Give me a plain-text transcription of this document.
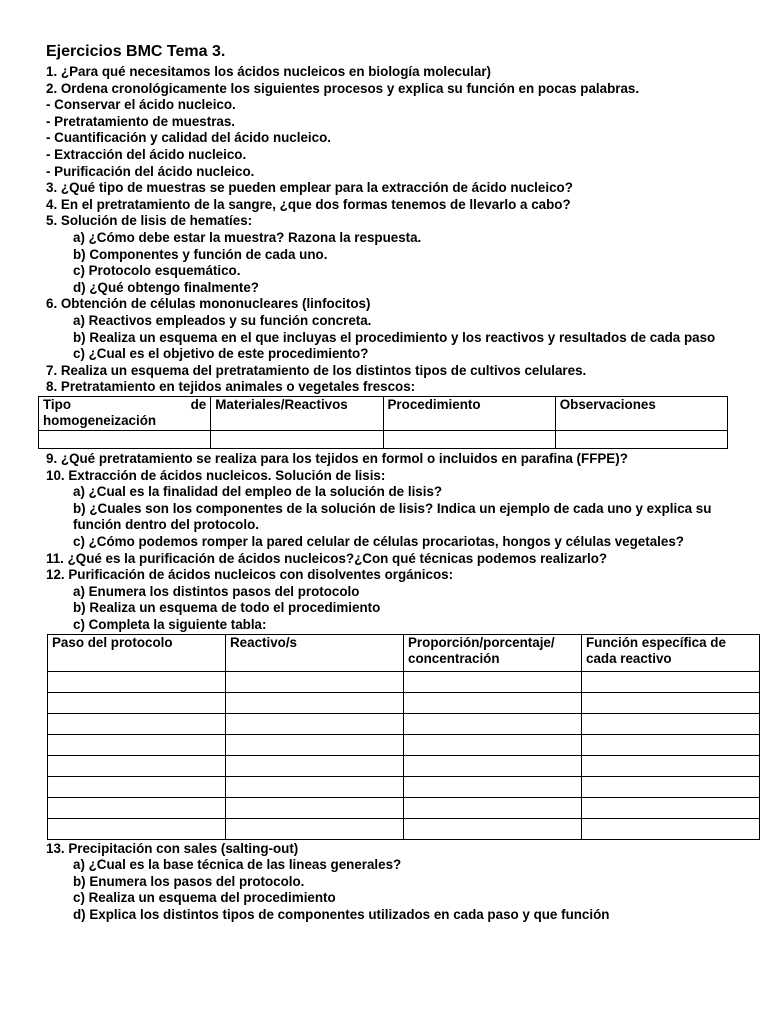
Ejercicios BMC Tema 3.
1. ¿Para qué necesitamos los ácidos nucleicos en biología molecular)
2. Ordena cronológicamente los siguientes procesos y explica su función en pocas palabras.
- Conservar el ácido nucleico.
- Pretratamiento de muestras.
- Cuantificación y calidad del ácido nucleico.
- Extracción del ácido nucleico.
- Purificación del ácido nucleico.
3. ¿Qué tipo de muestras se pueden emplear para la extracción de ácido nucleico?
4. En el pretratamiento de la sangre, ¿que dos formas tenemos de llevarlo a cabo?
5. Solución de lisis de hematíes:
a) ¿Cómo debe estar la muestra? Razona la respuesta.
b) Componentes y función de cada uno.
c) Protocolo esquemático.
d) ¿Qué obtengo finalmente?
6. Obtención de células mononucleares (linfocitos)
a) Reactivos empleados y su función concreta.
b) Realiza un esquema en el que incluyas el procedimiento y los reactivos y resultados de cada paso
c) ¿Cual es el objetivo de este procedimiento?
7. Realiza un esquema del pretratamiento de los distintos tipos de cultivos celulares.
8. Pretratamiento en tejidos animales o vegetales frescos:
Tipo de
homogeneización	Materiales/Reactivos	Procedimiento	Observaciones

9. ¿Qué pretratamiento se realiza para los tejidos en formol o incluidos en parafina (FFPE)?
10. Extracción de ácidos nucleicos. Solución de lisis:
a) ¿Cual es la finalidad del empleo de la solución de lisis?
b) ¿Cuales son los componentes de la solución de lisis? Indica un ejemplo de cada uno y explica su función dentro del protocolo.
c) ¿Cómo podemos romper la pared celular de células procariotas, hongos y células vegetales?
11. ¿Qué es la purificación de ácidos nucleicos?¿Con qué técnicas podemos realizarlo?
12. Purificación de ácidos nucleicos con disolventes orgánicos:
a) Enumera los distintos pasos del protocolo
b) Realiza un esquema de todo el procedimiento
c) Completa la siguiente tabla:
Paso del protocolo	Reactivo/s	Proporción/porcentaje/ concentración	Función específica de cada reactivo

13. Precipitación con sales (salting-out)
a) ¿Cual es la base técnica de las lineas generales?
b) Enumera los pasos del protocolo.
c) Realiza un esquema del procedimiento
d) Explica los distintos tipos de componentes utilizados en cada paso y que función
